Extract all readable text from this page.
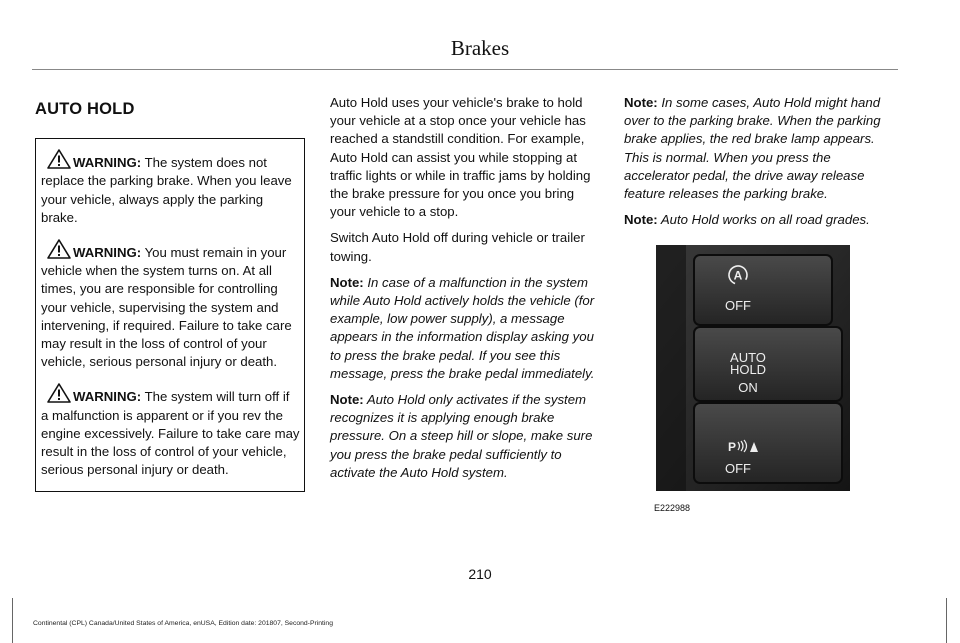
Brakes
AUTO HOLD
WARNING: The system does not replace the parking brake. When you leave your vehicle, always apply the parking brake.
WARNING: You must remain in your vehicle when the system turns on. At all times, you are responsible for controlling your vehicle, supervising the system and intervening, if required. Failure to take care may result in the loss of control of your vehicle, serious personal injury or death.
WARNING: The system will turn off if a malfunction is apparent or if you rev the engine excessively. Failure to take care may result in the loss of control of your vehicle, serious personal injury or death.

Auto Hold uses your vehicle's brake to hold your vehicle at a stop once your vehicle has reached a standstill condition. For example, Auto Hold can assist you while stopping at traffic lights or while in traffic jams by holding the brake pressure for you once you bring your vehicle to a stop.

Switch Auto Hold off during vehicle or trailer towing.

Note: In case of a malfunction in the system while Auto Hold actively holds the vehicle (for example, low power supply), a message appears in the information display asking you to press the brake pedal. If you see this message, press the brake pedal immediately.

Note: Auto Hold only activates if the system recognizes it is applying enough brake pressure. On a steep hill or slope, make sure you press the brake pedal sufficiently to activate the Auto Hold system.

Note: In some cases, Auto Hold might hand over to the parking brake. When the parking brake applies, the red brake lamp appears. This is normal. When you press the accelerator pedal, the drive away release feature releases the parking brake.

Note: Auto Hold works on all road grades.

A
OFF
AUTO
HOLD
ON
P
OFF
E222988
210
Continental (CPL) Canada/United States of America, enUSA, Edition date: 201807, Second-Printing
